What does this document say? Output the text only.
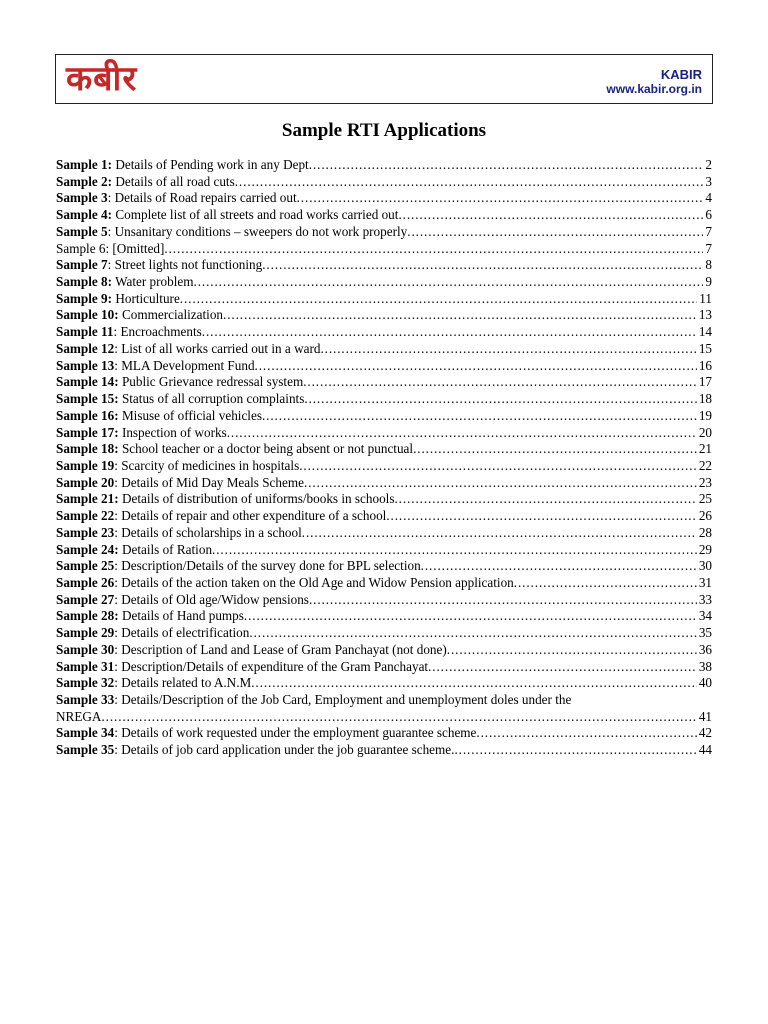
कबीर	KABIR
www.kabir.org.in
Sample RTI Applications
Sample 1: Details of Pending work in any Dept . . .	2
Sample 2: Details of all road cuts . . .	3
Sample 3: Details of Road repairs carried out . . .	4
Sample 4: Complete list of all streets and road works carried out . . .	6
Sample 5: Unsanitary conditions – sweepers do not work properly . . .	7
Sample 6: [Omitted] . . .	7
Sample 7: Street lights not functioning . . .	8
Sample 8: Water problem . . .	9
Sample 9: Horticulture . . .	11
Sample 10: Commercialization . . .	13
Sample 11: Encroachments . . .	14
Sample 12: List of all works carried out in a ward . . .	15
Sample 13: MLA Development Fund . . .	16
Sample 14: Public Grievance redressal system . . .	17
Sample 15: Status of all corruption complaints . . .	18
Sample 16: Misuse of official vehicles . . .	19
Sample 17: Inspection of works . . .	20
Sample 18: School teacher or a doctor being absent or not punctual . . .	21
Sample 19: Scarcity of medicines in hospitals . . .	22
Sample 20: Details of Mid Day Meals Scheme . . .	23
Sample 21: Details of distribution of uniforms/books in schools . . .	25
Sample 22: Details of repair and other expenditure of a school . . .	26
Sample 23: Details of scholarships in a school . . .	28
Sample 24: Details of Ration . . .	29
Sample 25: Description/Details of the survey done for BPL selection . . .	30
Sample 26: Details of the action taken on the Old Age and Widow Pension application . . .	31
Sample 27: Details of Old age/Widow pensions . . .	33
Sample 28: Details of Hand pumps . . .	34
Sample 29: Details of electrification . . .	35
Sample 30: Description of Land and Lease of Gram Panchayat (not done) . . .	36
Sample 31: Description/Details of expenditure of the Gram Panchayat . . .	38
Sample 32: Details related to A.N.M . . .	40
Sample 33: Details/Description of the Job Card, Employment and unemployment doles under the
NREGA . . .	41
Sample 34: Details of work requested under the employment guarantee scheme . . .	42
Sample 35: Details of job card application under the job guarantee scheme. . . .	44
